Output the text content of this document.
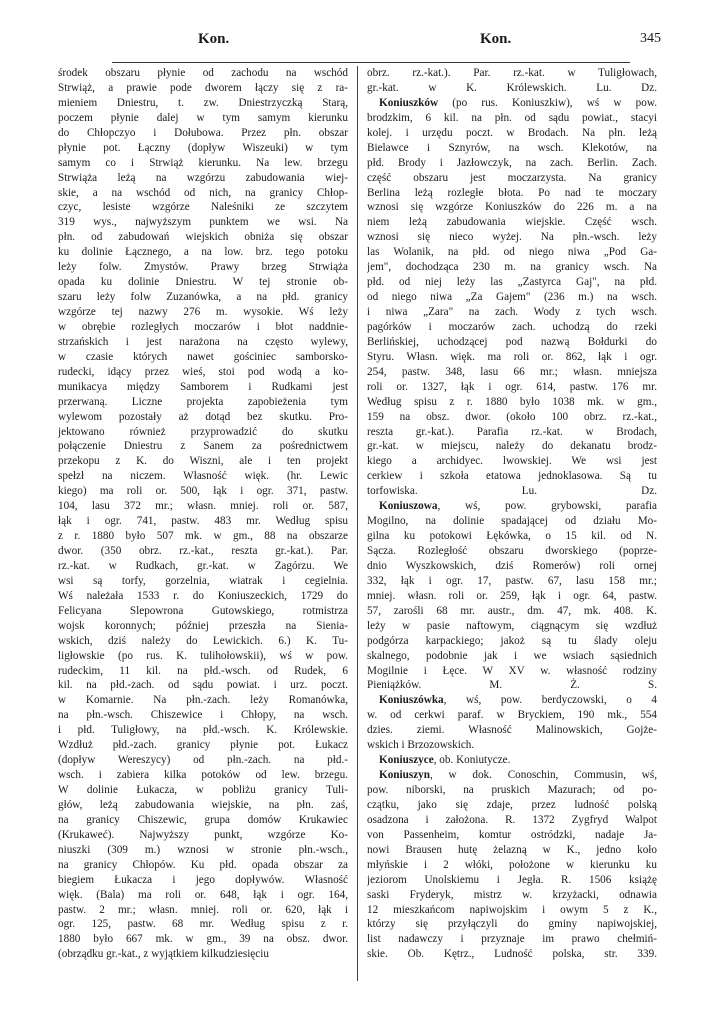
Kon.	Kon.	345
środek obszaru płynie od zachodu na wschód
Strwiąż, a prawie pode dworem łączy się z ra-
mieniem Dniestru, t. zw. Dniestrzyczką Starą,
poczem płynie dalej w tym samym kierunku
do Chłopczyo i Dołubowa. Przez płn. obszar
płynie pot. Łączny (dopływ Wiszeuki) w tym
samym co i Strwiąż kierunku. Na lew. brzegu
Strwiąża leżą na wzgórzu zabudowania wiej-
skie, a na wschód od nich, na granicy Chłop-
czyc, lesiste wzgórze Naleśniki ze szczytem
319 wys., najwyższym punktem we wsi. Na
płn. od zabudowań wiejskich obniża się obszar
ku dolinie Łącznego, a na low. brz. tego potoku
leży folw. Zmystów. Prawy brzeg Strwiąża
opada ku dolinie Dniestru. W tej stronie ob-
szaru leży folw Zuzanówka, a na płd. granicy
wzgórze tej nazwy 276 m. wysokie. Wś leży
w obrębie rozległych moczarów i błot naddnie-
strzańskich i jest narażona na często wylewy,
w czasie których nawet gościniec samborsko-
rudecki, idący przez wieś, stoi pod wodą a ko-
munikacya między Samborem i Rudkami jest
przerwaną. Liczne projekta zapobieżenia tym
wylewom pozostały aż dotąd bez skutku. Pro-
jektowano również przyprowadzić do skutku
połączenie Dniestru z Sanem za pośrednictwem
przekopu z K. do Wiszni, ale i ten projekt
spełzł na niczem. Własność więk. (hr. Lewic
kiego) ma roli or. 500, łąk i ogr. 371, pastw.
104, lasu 372 mr.; własn. mniej. roli or. 587,
łąk i ogr. 741, pastw. 483 mr. Według spisu
z r. 1880 było 507 mk. w gm., 88 na obszarze
dwor. (350 obrz. rz.-kat., reszta gr.-kat.). Par.
rz.-kat. w Rudkach, gr.-kat. w Zagórzu. We
wsi są torfy, gorzelnia, wiatrak i cegielnia.
Wś należała 1533 r. do Koniuszeckich, 1729 do
Felicyana Slepowrona Gutowskiego, rotmistrza
wojsk koronnych; później przeszła na Sienia-
wskich, dziś należy do Lewickich. 6.) K. Tu-
ligłowskie (po rus. K. tulihołowskii), wś w pow.
rudeckim, 11 kil. na płd.-wsch. od Rudek, 6
kil. na płd.-zach. od sądu powiat. i urz. poczt.
w Komarnie. Na płn.-zach. leży Romanówka,
na płn.-wsch. Chiszewice i Chłopy, na wsch.
i płd. Tuligłowy, na płd.-wsch. K. Królewskie.
Wzdłuż płd.-zach. granicy płynie pot. Łukacz
(dopływ Wereszycy) od płn.-zach. na płd.-
wsch. i zabiera kilka potoków od lew. brzegu.
W dolinie Łukacza, w pobliżu granicy Tuli-
głów, leżą zabudowania wiejskie, na płn. zaś,
na granicy Chiszewic, grupa domów Krukawiec
(Krukaweć). Najwyższy punkt, wzgórze Ko-
niuszki (309 m.) wznosi w stronie płn.-wsch.,
na granicy Chłopów. Ku płd. opada obszar za
biegiem Łukacza i jego dopływów. Własność
więk. (Bala) ma roli or. 648, łąk i ogr. 164,
pastw. 2 mr.; własn. mniej. roli or. 620, łąk i
ogr. 125, pastw. 68 mr. Według spisu z r.
1880 było 667 mk. w gm., 39 na obsz. dwor.
(obrządku gr.-kat., z wyjątkiem kilkudziesięciu
obrz. rz.-kat.). Par. rz.-kat. w Tuligłowach,
gr.-kat. w K. Królewskich. Lu. Dz.
Koniuszków (po rus. Koniuszkiw), wś w pow.
brodzkim, 6 kil. na płn. od sądu powiat., stacyi
kolej. i urzędu poczt. w Brodach. Na płn. leżą
Bielawce i Sznyrów, na wsch. Klekotów, na
płd. Brody i Jazłowczyk, na zach. Berlin. Zach.
część obszaru jest moczarzysta. Na granicy
Berlina leżą rozległe błota. Po nad te moczary
wznosi się wzgórze Koniuszków do 226 m. a na
niem leżą zabudowania wiejskie. Część wsch.
wznosi się nieco wyżej. Na płn.-wsch. leży
las Wolanik, na płd. od niego niwa „Pod Ga-
jem", dochodząca 230 m. na granicy wsch. Na
płd. od niej leży las „Zastyrca Gaj", na płd.
od niego niwa „Za Gajem" (236 m.) na wsch.
i niwa „Zara" na zach. Wody z tych wsch.
pagórków i moczarów zach. uchodzą do rzeki
Berlińskiej, uchodzącej pod nazwą Bołdurki do
Styru. Własn. więk. ma roli or. 862, łąk i ogr.
254, pastw. 348, lasu 66 mr.; własn. mniejsza
roli or. 1327, łąk i ogr. 614, pastw. 176 mr.
Według spisu z r. 1880 było 1038 mk. w gm.,
159 na obsz. dwor. (około 100 obrz. rz.-kat.,
reszta gr.-kat.). Parafia rz.-kat. w Brodach,
gr.-kat. w miejscu, należy do dekanatu brodz-
kiego a archidyec. lwowskiej. We wsi jest
cerkiew i szkoła etatowa jednoklasowa. Są tu
torfowiska. Lu. Dz.
Koniuszowa, wś, pow. grybowski, parafia
Mogilno, na dolinie spadającej od działu Mo-
gilna ku potokowi Łękówka, o 15 kil. od N.
Sącza. Rozległość obszaru dworskiego (poprze-
dnio Wyszkowskich, dziś Romerów) roli ornej
332, łąk i ogr. 17, pastw. 67, lasu 158 mr.;
mniej. własn. roli or. 259, łąk i ogr. 64, pastw.
57, zarośli 68 mr. austr., dm. 47, mk. 408. K.
leży w pasie naftowym, ciągnącym się wzdłuż
podgórza karpackiego; jakoż są tu ślady oleju
skalnego, podobnie jak i we wsiach sąsiednich
Mogilnie i Łęce. W XV w. własność rodziny
Pieniążków. M. Ż. S.
Koniuszówka, wś, pow. berdyczowski, o 4
w. od cerkwi paraf. w Bryckiem, 190 mk., 554
dzies. ziemi. Własność Malinowskich, Gojże-
wskich i Brzozowskich.
Koniuszyce, ob. Koniutycze.
Koniuszyn, w dok. Conoschin, Commusin, wś,
pow. niborski, na pruskich Mazurach; od po-
czątku, jako się zdaje, przez ludność polską
osadzona i założona. R. 1372 Zygfryd Walpot
von Passenheim, komtur ostródzki, nadaje Ja-
nowi Brausen hutę żelazną w K., jedno koło
młyńskie i 2 włóki, położone w kierunku ku
jeziorom Unolskiemu i Jegła. R. 1506 książę
saski Fryderyk, mistrz w. krzyżacki, odnawia
12 mieszkańcom napiwojskim i owym 5 z K.,
którzy się przyłączyli do gminy napiwojskiej,
list nadawczy i przyznaje im prawo chełmiń-
skie. Ob. Kętrz., Ludność polska, str. 339.
